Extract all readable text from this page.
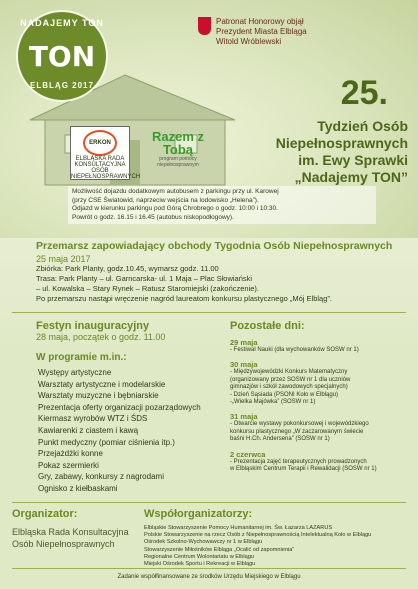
NADAJEMY TON
TON
ELBLĄG 2017

Patronat Honorowy objął

Prezydent Miasta Elbląga

Witold Wróblewski

25.
Tydzień Osób
Niepełnosprawnych
im. Ewy Sprawki
„Nadajemy TON”
ERKON
ELBLĄSKA RADA KONSULTACYJNA OSÓB NIEPEŁNOSPRAWNYCH
Razem z Tobą
program pomocy niepełnosprawnym

Możliwość dojazdu dodatkowym autobusem z parkingu przy ul. Karowej

(przy CSE Światowid, naprzeciw wejścia na lodowisko „Helena”).

Odjazd w kierunku parkingu pod Górą Chrobrego o godz. 10:00 i 10:30.

Powrót o godz. 16.15 i 16.45 (autobus niskopodłogowy).

Przemarsz zapowiadający obchody Tygodnia Osób Niepełnosprawnych
25 maja 2017

Zbiórka: Park Planty, godz.10.45, wymarsz godz. 11.00

Trasa: Park Planty – ul. Garncarska- ul. 1 Maja – Plac Słowiański

– ul. Kowalska – Stary Rynek – Ratusz Staromiejski (zakończenie).

Po przemarszu nastąpi wręczenie nagród laureatom konkursu plastycznego „Mój Elbląg”.

Festyn inauguracyjny
28 maja, początek o godz. 11.00
W programie m.in.:
Występy artystyczne
Warsztaty artystyczne i modelarskie
Warsztaty muzyczne i bębniarskie
Prezentacja oferty organizacji pozarządowych
Kiermasz wyrobów WTZ i ŚDS
Kawiarenki z ciastem i kawą
Punkt medyczny (pomiar ciśnienia itp.)
Przejażdżki konne
Pokaz szermierki
Gry, zabawy, konkursy z nagrodami
Ognisko z kiełbaskami
Pozostałe dni:
29 maja

- Festiwal Nauki (dla wychowanków SOSW nr 1)

30 maja

- Międzywojewódzki Konkurs Matematyczny

(organizowany przez SOSW nr 1 dla uczniów

gimnazjów i szkół zawodowych specjalnych)

- Dzień Sąsiada (PSONI Koło w Elblągu)

-„Wielka Majówka” (SOSW nr 1)

31 maja

- Otwarcie wystawy pokonkursowej i wojewódzkiego

konkursu plastycznego „W zaczarowanym świecie

baśni H.Ch. Andersena” (SOSW nr 1)

2 czerwca

- Prezentacja zajęć terapeutycznych prowadzonych

w Elbląskim Centrum Terapii i Rewalidacji (SOSW nr 1)

Organizator:

Elbląska Rada Konsultacyjna
Osób Niepełnosprawnych

Współorganizatorzy:

Elbląskie Stowarzyszenie Pomocy Humanitarnej im. Św. Łazarza LAZARUS

Polskie Stowarzyszenie na rzecz Osób z Niepełnosprawnością Intelektualną Koło w Elblągu

Ośrodek Szkolno-Wychowawczy nr 1 w Elblągu

Stowarzyszenie Miłośników Elbląga „Ocalić od zapomnienia”

Regionalne Centrum Wolontariatu w Elblągu

Miejski Ośrodek Sportu i Rekreacji w Elblągu

Zadanie współfinansowane ze środków Urzędu Miejskiego w Elblągu
